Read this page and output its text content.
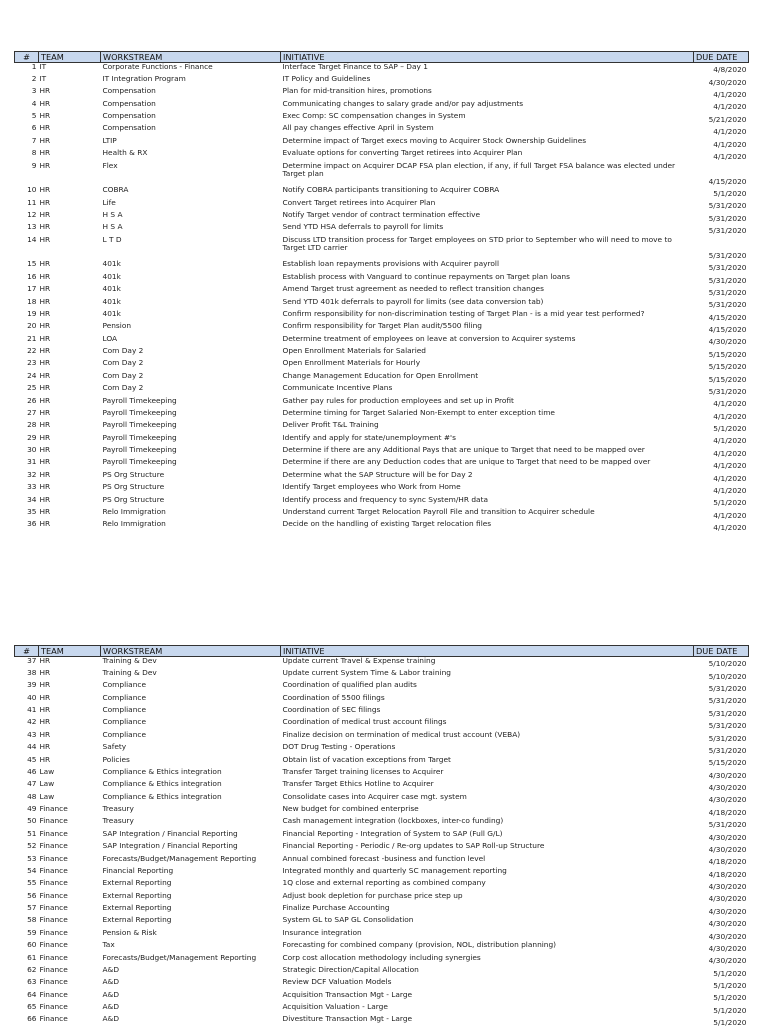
#	TEAM	WORKSTREAM	INITIATIVE	DUE DATE
1	IT	Corporate Functions - Finance	Interface Target Finance to SAP – Day 1	4/8/2020
2	IT	IT Integration Program	IT Policy and Guidelines	4/30/2020
3	HR	Compensation	Plan for mid-transition hires, promotions	4/1/2020
4	HR	Compensation	Communicating changes to salary grade and/or pay adjustments	4/1/2020
5	HR	Compensation	Exec Comp: SC compensation changes in System	5/21/2020
6	HR	Compensation	All pay changes effective April in System	4/1/2020
7	HR	LTIP	Determine impact of Target execs moving to Acquirer Stock Ownership Guidelines	4/1/2020
8	HR	Health & RX	Evaluate options for converting Target retirees into Acquirer Plan	4/1/2020
9	HR	Flex	Determine impact on Acquirer DCAP FSA plan election, if any, if full Target FSA balance was elected under Target plan	4/15/2020
10	HR	COBRA	Notify COBRA participants transitioning to Acquirer COBRA	5/1/2020
11	HR	Life	Convert Target retirees into Acquirer Plan	5/31/2020
12	HR	H S A	Notify Target vendor of contract termination effective	5/31/2020
13	HR	H S A	Send YTD HSA deferrals to payroll for limits	5/31/2020
14	HR	L T D	Discuss LTD transition process for Target employees on STD prior to September who will need to move to Target LTD carrier	5/31/2020
15	HR	401k	Establish loan repayments provisions with Acquirer payroll	5/31/2020
16	HR	401k	Establish process with Vanguard to continue repayments on Target plan loans	5/31/2020
17	HR	401k	Amend Target trust agreement as needed to reflect transition changes	5/31/2020
18	HR	401k	Send YTD 401k deferrals to payroll for limits (see data conversion tab)	5/31/2020
19	HR	401k	Confirm responsibility for non-discrimination testing of Target Plan - is a mid year test performed?	4/15/2020
20	HR	Pension	Confirm responsibility for Target Plan audit/5500 filing	4/15/2020
21	HR	LOA	Determine treatment of employees on leave at conversion to Acquirer systems	4/30/2020
22	HR	Com Day 2	Open Enrollment Materials for Salaried	5/15/2020
23	HR	Com Day 2	Open Enrollment Materials for Hourly	5/15/2020
24	HR	Com Day 2	Change Management Education for Open Enrollment	5/15/2020
25	HR	Com Day 2	Communicate Incentive Plans	5/31/2020
26	HR	Payroll Timekeeping	Gather pay rules for production employees and set up in Profit	4/1/2020
27	HR	Payroll Timekeeping	Determine timing for Target Salaried Non-Exempt to enter exception time	4/1/2020
28	HR	Payroll Timekeeping	Deliver Profit T&L Training	5/1/2020
29	HR	Payroll Timekeeping	Identify and apply for state/unemployment #'s	4/1/2020
30	HR	Payroll Timekeeping	Determine if there are any Additional Pays that are unique to Target that need to be mapped over	4/1/2020
31	HR	Payroll Timekeeping	Determine if there are any Deduction codes that are unique to Target that need to be mapped over	4/1/2020
32	HR	PS Org Structure	Determine what the SAP Structure will be for Day 2	4/1/2020
33	HR	PS Org Structure	Identify Target employees who Work from Home	4/1/2020
34	HR	PS Org Structure	Identify process and frequency to sync System/HR data	5/1/2020
35	HR	Relo Immigration	Understand current Target Relocation Payroll File and transition to Acquirer schedule	4/1/2020
36	HR	Relo Immigration	Decide on the handling of existing Target relocation files	4/1/2020
#	TEAM	WORKSTREAM	INITIATIVE	DUE DATE
37	HR	Training & Dev	Update current Travel & Expense training	5/10/2020
38	HR	Training & Dev	Update current System Time & Labor training	5/10/2020
39	HR	Compliance	Coordination of qualified plan audits	5/31/2020
40	HR	Compliance	Coordination of 5500 filings	5/31/2020
41	HR	Compliance	Coordination of SEC filings	5/31/2020
42	HR	Compliance	Coordination of medical trust account filings	5/31/2020
43	HR	Compliance	Finalize decision on termination of medical trust account (VEBA)	5/31/2020
44	HR	Safety	DOT Drug Testing - Operations	5/31/2020
45	HR	Policies	Obtain list of vacation exceptions from Target	5/15/2020
46	Law	Compliance & Ethics integration	Transfer Target training licenses to Acquirer	4/30/2020
47	Law	Compliance & Ethics integration	Transfer Target Ethics Hotline to Acquirer	4/30/2020
48	Law	Compliance & Ethics integration	Consolidate cases into Acquirer case mgt. system	4/30/2020
49	Finance	Treasury	New budget for combined enterprise	4/18/2020
50	Finance	Treasury	Cash management integration (lockboxes, inter-co funding)	5/31/2020
51	Finance	SAP Integration / Financial Reporting	Financial Reporting - Integration of System to SAP (Full G/L)	4/30/2020
52	Finance	SAP Integration / Financial Reporting	Financial Reporting - Periodic / Re-org updates to SAP Roll-up Structure	4/30/2020
53	Finance	Forecasts/Budget/Management Reporting	Annual combined forecast -business and function level	4/18/2020
54	Finance	Financial Reporting	Integrated monthly and quarterly SC management reporting	4/18/2020
55	Finance	External Reporting	1Q close and external reporting as combined company	4/30/2020
56	Finance	External Reporting	Adjust book depletion for purchase price step up	4/30/2020
57	Finance	External Reporting	Finalize Purchase Accounting	4/30/2020
58	Finance	External Reporting	System GL to SAP GL Consolidation	4/30/2020
59	Finance	Pension & Risk	Insurance integration	4/30/2020
60	Finance	Tax	Forecasting for combined company (provision, NOL, distribution planning)	4/30/2020
61	Finance	Forecasts/Budget/Management Reporting	Corp cost allocation methodology including synergies	4/30/2020
62	Finance	A&D	Strategic Direction/Capital Allocation	5/1/2020
63	Finance	A&D	Review DCF Valuation Models	5/1/2020
64	Finance	A&D	Acquisition Transaction Mgt - Large	5/1/2020
65	Finance	A&D	Acquisition Valuation - Large	5/1/2020
66	Finance	A&D	Divestiture Transaction Mgt - Large	5/1/2020
